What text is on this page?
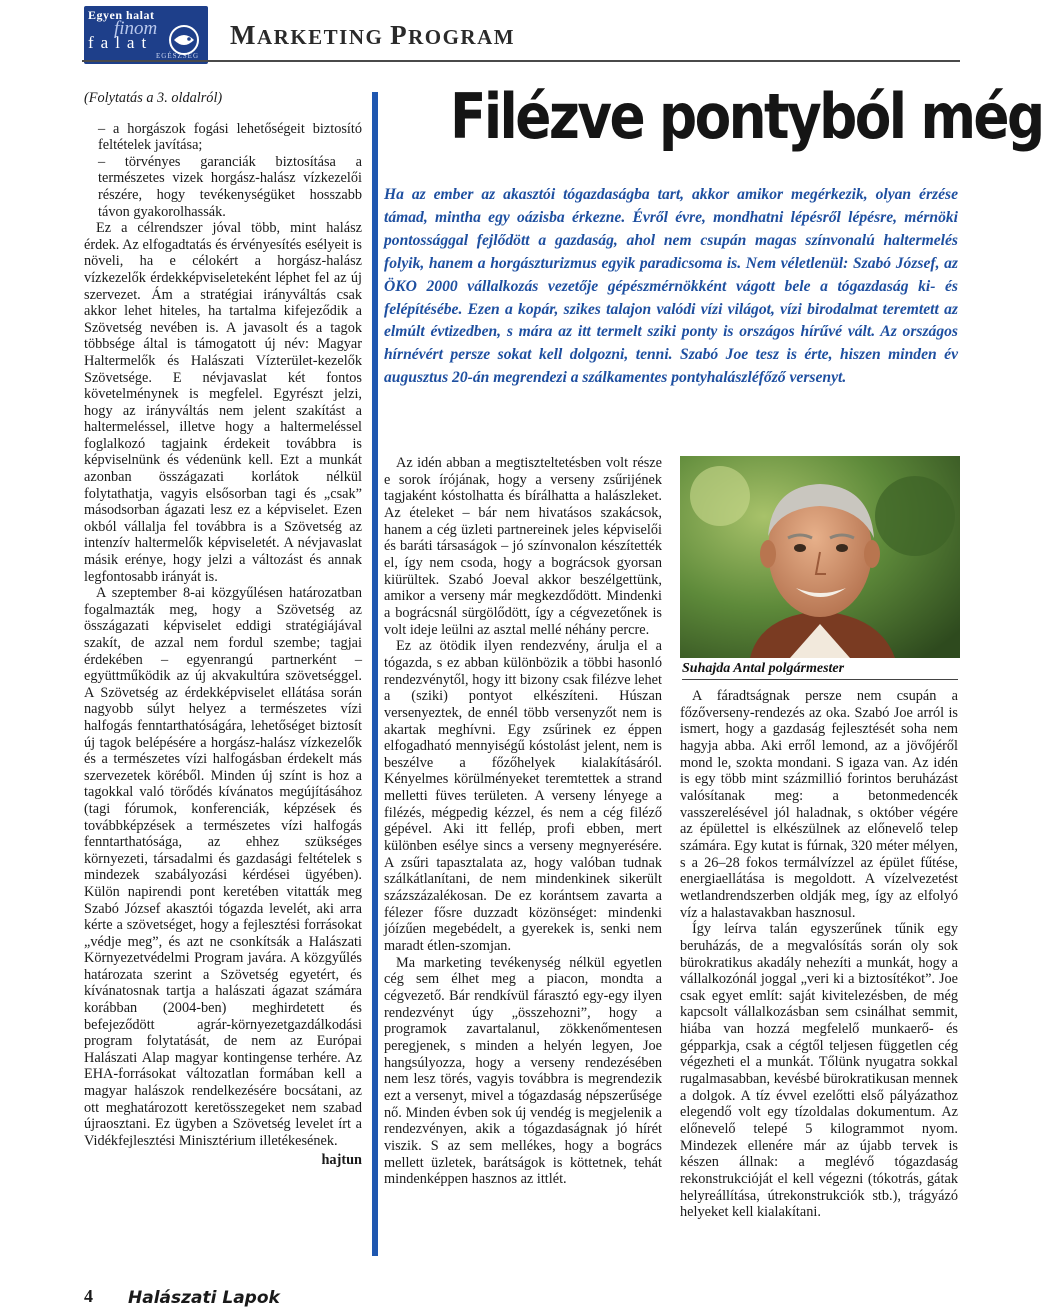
Egyen halat
finom
falat
EGÉSZSÉG
MARKETING PROGRAM

(Folytatás a 3. oldalról)

– a horgászok fogási lehetőségeit biztosító feltételek javítása;

– törvényes garanciák biztosítása a természetes vizek horgász-halász vízkezelői részére, hogy tevékenységüket hosszabb távon gyakorolhassák.

Ez a célrendszer jóval több, mint halász érdek. Az elfogadtatás és érvényesítés esélyeit is növeli, ha e célokért a horgász-halász vízkezelők érdekképviseleteként léphet fel az új szervezet. Ám a stratégiai irányváltás csak akkor lehet hiteles, ha tartalma kifejeződik a Szövetség nevében is. A javasolt és a tagok többsége által is támogatott új név: Magyar Haltermelők és Halászati Vízterület-kezelők Szövetsége. E névjavaslat két fontos követelménynek is megfelel. Egyrészt jelzi, hogy az irányváltás nem jelent szakítást a haltermeléssel, illetve hogy a haltermeléssel foglalkozó tagjaink érdekeit továbbra is képviselnünk és védenünk kell. Ezt a munkát azonban összágazati korlátok nélkül folytathatja, vagyis elsősorban tagi és „csak” másodsorban ágazati lesz ez a képviselet. Ezen okból vállalja fel továbbra is a Szövetség az intenzív haltermelők képviseletét. A névjavaslat másik erénye, hogy jelzi a változást és annak legfontosabb irányát is.

A szeptember 8-ai közgyűlésen határozatban fogalmazták meg, hogy a Szövetség az összágazati képviselet eddigi stratégiájával szakít, de azzal nem fordul szembe; tagjai érdekében – egyenrangú partnerként – együttműködik az új akvakultúra szövetséggel. A Szövetség az érdekképviselet ellátása során nagyobb súlyt helyez a természetes vízi halfogás fenntarthatóságára, lehetőséget biztosít új tagok belépésére a horgász-halász vízkezelők és a természetes vízi halfogásban érdekelt más szervezetek köréből. Minden új színt is hoz a tagokkal való törődés kívánatos megújításához (tagi fórumok, konferenciák, képzések és továbbképzések a természetes vízi halfogás fenntarthatósága, az ehhez szükséges környezeti, társadalmi és gazdasági feltételek s mindezek szabályozási kérdései ügyében). Külön napirendi pont keretében vitatták meg Szabó József akasztói tógazda levelét, aki arra kérte a szövetséget, hogy a fejlesztési forrásokat „védje meg”, és azt ne csonkítsák a Halászati Környezetvédelmi Program javára. A közgyűlés határozata szerint a Szövetség egyetért, és kívánatosnak tartja a halászati ágazat számára korábban (2004-ben) meghirdetett és befejeződött agrár-környezetgazdálkodási program folytatását, de nem az Európai Halászati Alap magyar kontingense terhére. Az EHA-forrásokat változatlan formában kell a magyar halászok rendelkezésére bocsátani, az ott meghatározott keretösszegeket nem szabad újraosztani. Ez ügyben a Szövetség levelet írt a Vidékfejlesztési Minisztérium illetékesének.

hajtun

Filézve pontyból még

Ha az ember az akasztói tógazdaságba tart, akkor amikor megérkezik, olyan érzése támad, mintha egy oázisba érkezne. Évről évre, mondhatni lépésről lépésre, mérnöki pontossággal fejlődött a gazdaság, ahol nem csupán magas színvonalú haltermelés folyik, hanem a horgászturizmus egyik paradicsoma is. Nem véletlenül: Szabó József, az ÖKO 2000 vállalkozás vezetője gépészmérnökként vágott bele a tógazdaság ki- és felépítésébe. Ezen a kopár, szikes talajon valódi vízi világot, vízi birodalmat teremtett az elmúlt évtizedben, s mára az itt termelt sziki ponty is országos hírűvé vált. Az országos hírnévért persze sokat kell dolgozni, tenni. Szabó Joe tesz is érte, hiszen minden év augusztus 20-án megrendezi a szálkamentes pontyhalászléfőző versenyt.

Az idén abban a megtiszteltetésben volt része e sorok írójának, hogy a verseny zsűrijének tagjaként kóstolhatta és bírálhatta a halászleket. Az ételeket – bár nem hivatásos szakácsok, hanem a cég üzleti partnereinek jeles képviselői és baráti társaságok – jó színvonalon készítették el, így nem csoda, hogy a bográcsok gyorsan kiürültek. Szabó Joeval akkor beszélgettünk, amikor a verseny már megkezdődött. Mindenki a bográcsnál sürgölődött, így a cégvezetőnek is volt ideje leülni az asztal mellé néhány percre.

Ez az ötödik ilyen rendezvény, árulja el a tógazda, s ez abban különbözik a többi hasonló rendezvénytől, hogy itt bizony csak filézve lehet a (sziki) pontyot elkészíteni. Húszan versenyeztek, de ennél több versenyzőt nem is akartak meghívni. Egy zsűrinek ez éppen elfogadható mennyiségű kóstolást jelent, nem is beszélve a főzőhelyek kialakításáról. Kényelmes körülményeket teremtettek a strand melletti füves területen. A verseny lényege a filézés, mégpedig kézzel, és nem a cég filéző gépével. Aki itt fellép, profi ebben, mert különben esélye sincs a verseny megnyerésére. A zsűri tapasztalata az, hogy valóban tudnak szálkátlanítani, de nem mindenkinek sikerült százszázalékosan. De ez korántsem zavarta a félezer fősre duzzadt közönséget: mindenki jóízűen megebédelt, a gyerekek is, senki nem maradt étlen-szomjan.

Ma marketing tevékenység nélkül egyetlen cég sem élhet meg a piacon, mondta a cégvezető. Bár rendkívül fárasztó egy-egy ilyen rendezvényt úgy „összehozni”, hogy a programok zavartalanul, zökkenőmentesen peregjenek, s minden a helyén legyen, Joe hangsúlyozza, hogy a verseny rendezésében nem lesz törés, vagyis továbbra is megrendezik ezt a versenyt, mivel a tógazdaság népszerűsége nő. Minden évben sok új vendég is megjelenik a rendezvényen, akik a tógazdaságnak jó hírét viszik. S az sem mellékes, hogy a bogrács mellett üzletek, barátságok is köttetnek, tehát mindenképpen hasznos az ittlét.

Suhajda Antal polgármester

A fáradtságnak persze nem csupán a főzőverseny-rendezés az oka. Szabó Joe arról is ismert, hogy a gazdaság fejlesztését soha nem hagyja abba. Aki erről lemond, az a jövőjéről mond le, szokta mondani. S igaza van. Az idén is egy több mint százmillió forintos beruházást valósítanak meg: a betonmedencék vasszerelésével jól haladnak, s október végére az épülettel is elkészülnek az előnevelő telep számára. Egy kutat is fúrnak, 320 méter mélyen, s a 26–28 fokos termálvízzel az épület fűtése, energiaellátása is megoldott. A vízelvezetést wetlandrendszerben oldják meg, így az elfolyó víz a halastavakban hasznosul.

Így leírva talán egyszerűnek tűnik egy beruházás, de a megvalósítás során oly sok bürokratikus akadály nehezíti a munkát, hogy a vállalkozónál joggal „veri ki a biztosítékot”. Joe csak egyet említ: saját kivitelezésben, de még kapcsolt vállalkozásban sem csinálhat semmit, hiába van hozzá megfelelő munkaerő- és gépparkja, csak a cégtől teljesen független cég végezheti el a munkát. Tőlünk nyugatra sokkal rugalmasabban, kevésbé bürokratikusan mennek a dolgok. A tíz évvel ezelőtti első pályázathoz elegendő volt egy tízoldalas dokumentum. Az előnevelő telepé 5 kilogrammot nyom. Mindezek ellenére már az újabb tervek is készen állnak: a meglévő tógazdaság rekonstrukcióját el kell végezni (tókotrás, gátak helyreállítása, útrekonstrukciók stb.), trágyázó helyeket kell kialakítani.

4 Halászati Lapok
